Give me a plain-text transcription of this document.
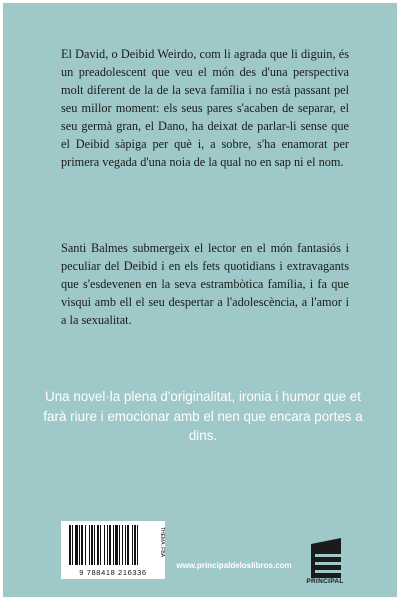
El David, o Deibid Weirdo, com li agrada que li diguin, és un preadolescent que veu el món des d'una perspectiva molt diferent de la de la seva família i no està passant pel seu millor moment: els seus pares s'acaben de separar, el seu germà gran, el Dano, ha deixat de parlar-li sense que el Deibid sàpiga per què i, a sobre, s'ha enamorat per primera vegada d'una noia de la qual no en sap ni el nom.

Santi Balmes submergeix el lector en el món fantasiós i peculiar del Deibid i en els fets quotidians i extravagants que s'esdevenen en la seva estrambòtica família, i fa que visqui amb ell el seu despertar a l'adolescència, a l'amor i a la sexualitat.

Una novel·la plena d'originalitat, ironia i humor que et farà riure i emocionar amb el nen que encara portes a dins.

THEMA: FBA
9 788418 216336
www.principaldeloslibros.com
PRINCIPAL
